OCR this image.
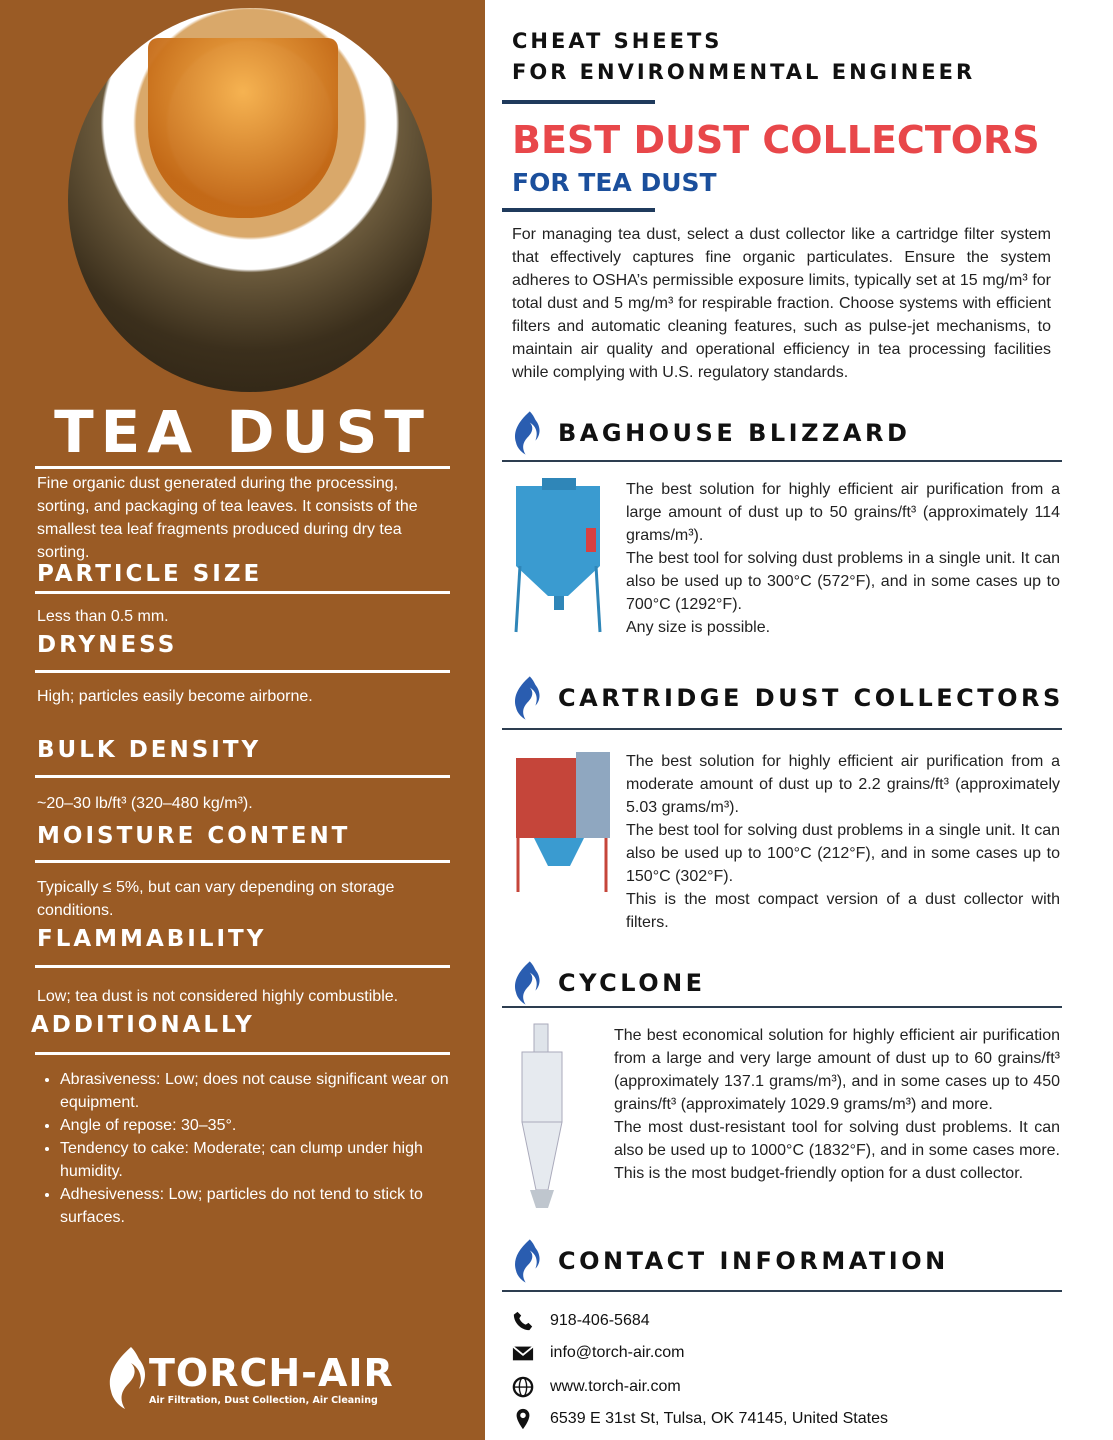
TEA DUST
Fine organic dust generated during the processing, sorting, and packaging of tea leaves. It consists of the smallest tea leaf fragments produced during dry tea sorting.
PARTICLE SIZE
Less than 0.5 mm.
DRYNESS
High; particles easily become airborne.
BULK DENSITY
~20–30 lb/ft³ (320–480 kg/m³).
MOISTURE CONTENT
Typically ≤ 5%, but can vary depending on storage conditions.
FLAMMABILITY
Low; tea dust is not considered highly combustible.
ADDITIONALLY
• Abrasiveness: Low; does not cause significant wear on equipment.
• Angle of repose: 30–35°.
• Tendency to cake: Moderate; can clump under high humidity.
• Adhesiveness: Low; particles do not tend to stick to surfaces.
TORCH-AIR
Air Filtration, Dust Collection, Air Cleaning
CHEAT SHEETS
FOR ENVIRONMENTAL ENGINEER
BEST DUST COLLECTORS
FOR TEA DUST
For managing tea dust, select a dust collector like a cartridge filter system that effectively captures fine organic particulates. Ensure the system adheres to OSHA’s permissible exposure limits, typically set at 15 mg/m³ for total dust and 5 mg/m³ for respirable fraction. Choose systems with efficient filters and automatic cleaning features, such as pulse-jet mechanisms, to maintain air quality and operational efficiency in tea processing facilities while complying with U.S. regulatory standards.
BAGHOUSE BLIZZARD
The best solution for highly efficient air purification from a large amount of dust up to 50 grains/ft³ (approximately 114 grams/m³).
The best tool for solving dust problems in a single unit. It can also be used up to 300°C (572°F), and in some cases up to 700°C (1292°F).
Any size is possible.
CARTRIDGE DUST COLLECTORS
The best solution for highly efficient air purification from a moderate amount of dust up to 2.2 grains/ft³ (approximately 5.03 grams/m³).
The best tool for solving dust problems in a single unit. It can also be used up to 100°C (212°F), and in some cases up to 150°C (302°F).
This is the most compact version of a dust collector with filters.
CYCLONE
The best economical solution for highly efficient air purification from a large and very large amount of dust up to 60 grains/ft³ (approximately 137.1 grams/m³), and in some cases up to 450 grains/ft³ (approximately 1029.9 grams/m³) and more.
The most dust-resistant tool for solving dust problems. It can also be used up to 1000°C (1832°F), and in some cases more. This is the most budget-friendly option for a dust collector.
CONTACT INFORMATION
918-406-5684
info@torch-air.com
www.torch-air.com
6539 E 31st St, Tulsa, OK 74145, United States
